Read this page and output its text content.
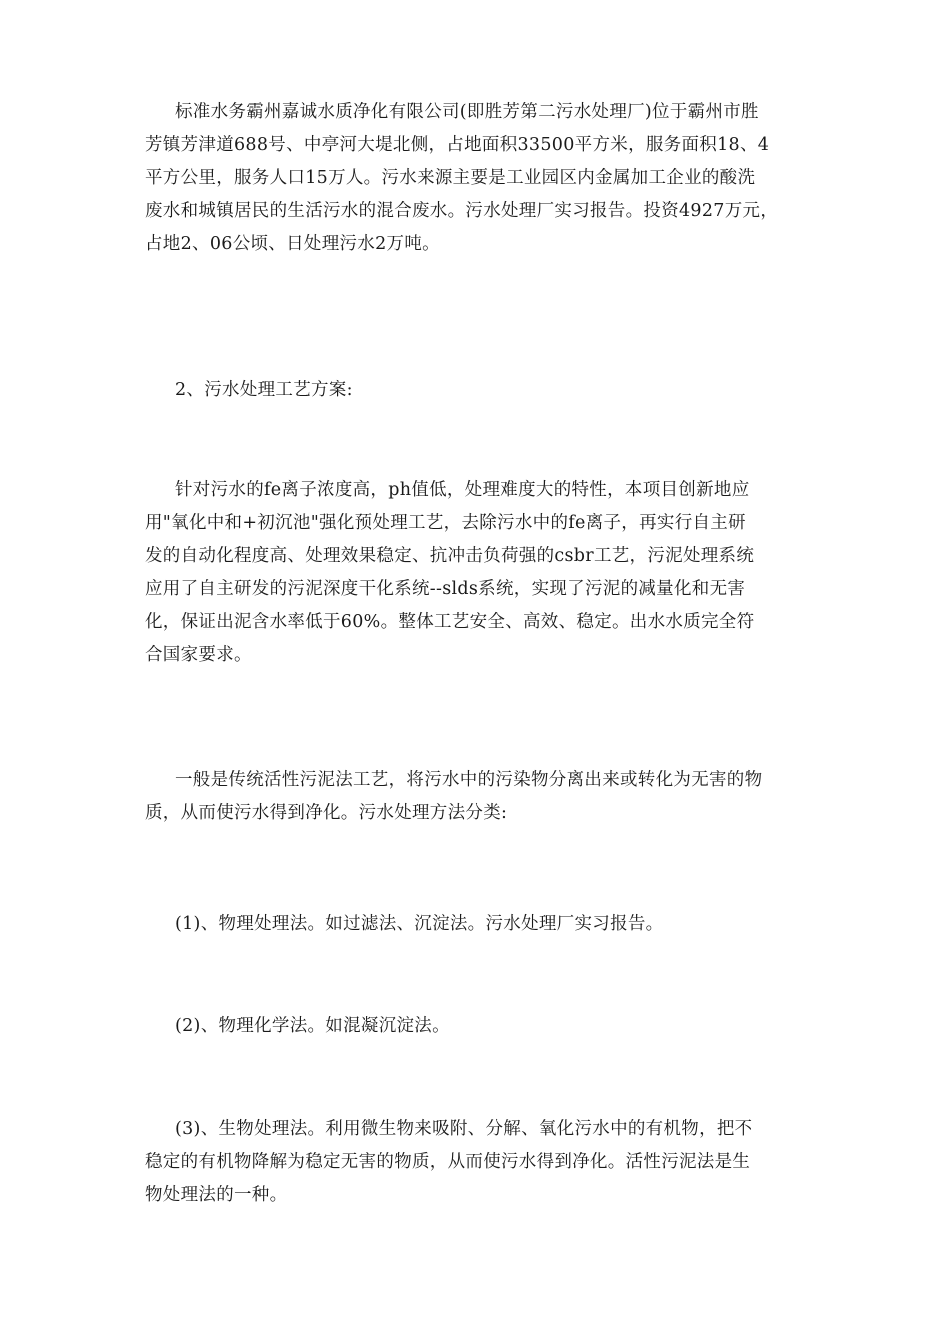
标准水务霸州嘉诚水质净化有限公司(即胜芳第二污水处理厂)位于霸州市胜
芳镇芳津道688号、中亭河大堤北侧，占地面积33500平方米，服务面积18、4
平方公里，服务人口15万人。污水来源主要是工业园区内金属加工企业的酸洗
废水和城镇居民的生活污水的混合废水。污水处理厂实习报告。投资4927万元，
占地2、06公顷、日处理污水2万吨。
2、污水处理工艺方案:
针对污水的fe离子浓度高，ph值低，处理难度大的特性，本项目创新地应
用"氧化中和+初沉池"强化预处理工艺，去除污水中的fe离子，再实行自主研
发的自动化程度高、处理效果稳定、抗冲击负荷强的csbr工艺，污泥处理系统
应用了自主研发的污泥深度干化系统--slds系统，实现了污泥的减量化和无害
化，保证出泥含水率低于60%。整体工艺安全、高效、稳定。出水水质完全符
合国家要求。
一般是传统活性污泥法工艺，将污水中的污染物分离出来或转化为无害的物
质，从而使污水得到净化。污水处理方法分类:
(1)、物理处理法。如过滤法、沉淀法。污水处理厂实习报告。
(2)、物理化学法。如混凝沉淀法。
(3)、生物处理法。利用微生物来吸附、分解、氧化污水中的有机物，把不
稳定的有机物降解为稳定无害的物质，从而使污水得到净化。活性污泥法是生
物处理法的一种。
